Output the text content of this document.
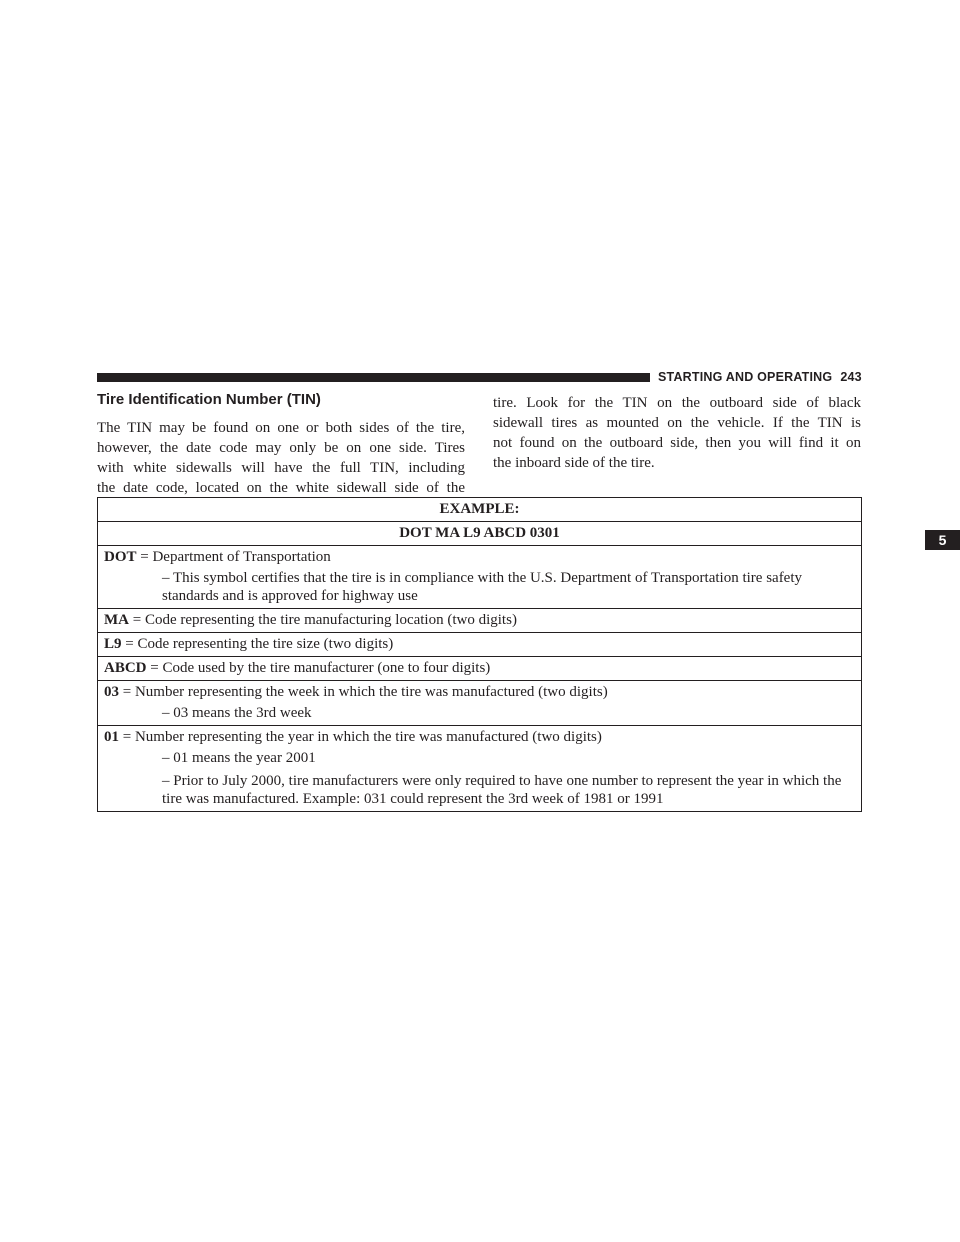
STARTING AND OPERATING 243
5
Tire Identification Number (TIN)
The TIN may be found on one or both sides of the tire,
however, the date code may only be on one side. Tires
with white sidewalls will have the full TIN, including
the date code, located on the white sidewall side of the
tire. Look for the TIN on the outboard side of black
sidewall tires as mounted on the vehicle. If the TIN is
not found on the outboard side, then you will find it on
the inboard side of the tire.
EXAMPLE:
DOT MA L9 ABCD 0301
DOT = Department of Transportation
– This symbol certifies that the tire is in compliance with the U.S. Department of Transportation tire safety standards and is approved for highway use

MA = Code representing the tire manufacturing location (two digits)
L9 = Code representing the tire size (two digits)
ABCD = Code used by the tire manufacturer (one to four digits)
03 = Number representing the week in which the tire was manufactured (two digits)
– 03 means the 3rd week

01 = Number representing the year in which the tire was manufactured (two digits)
– 01 means the year 2001
– Prior to July 2000, tire manufacturers were only required to have one number to represent the year in which the tire was manufactured. Example: 031 could represent the 3rd week of 1981 or 1991
